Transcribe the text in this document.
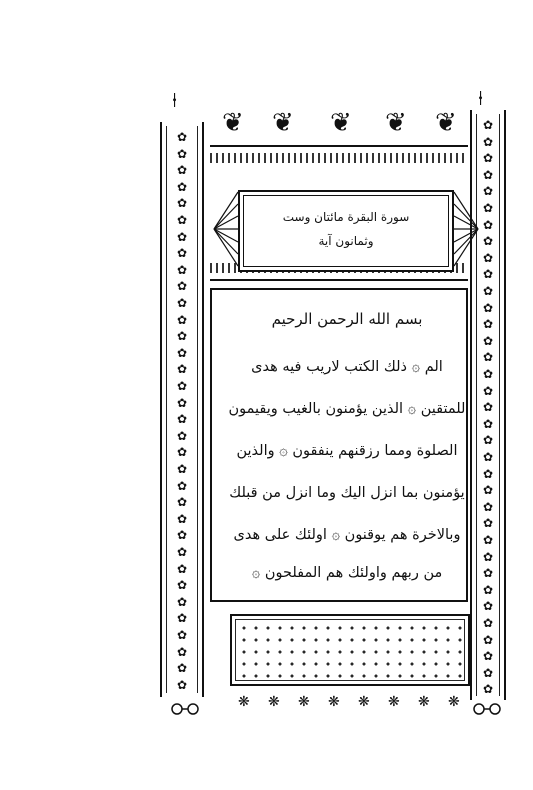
✿
✿
✿
✿
✿
✿
✿
✿
✿
✿
✿
✿
✿
✿
✿
✿
✿
✿
✿
✿
✿
✿
✿
✿
✿
✿
✿
✿
✿
✿
✿
✿
✿
✿
✿
✿
✿
✿
✿
✿
✿
✿
✿
✿
✿
✿
✿
✿
✿
✿
✿
✿
✿
✿
✿
✿
✿
✿
✿
✿
✿
✿
✿
✿
✿
✿
✿
✿
✿
⍿	⍿
❦ ❦ ❦ ❦ ❦
سورة البقرة مائتان وست
وثمانون آية
بسم الله الرحمن الرحيم
الم ۞ ذلك الكتب لاريب فيه هدى
للمتقين ۞ الذين يؤمنون بالغيب ويقيمون
الصلوة ومما رزقنهم ينفقون ۞ والذين
يؤمنون بما انزل اليك وما انزل من قبلك
وبالاخرة هم يوقنون ۞ اولئك على هدى
من ربهم واولئك هم المفلحون ۞
❋ ❋ ❋ ❋ ❋ ❋ ❋ ❋
